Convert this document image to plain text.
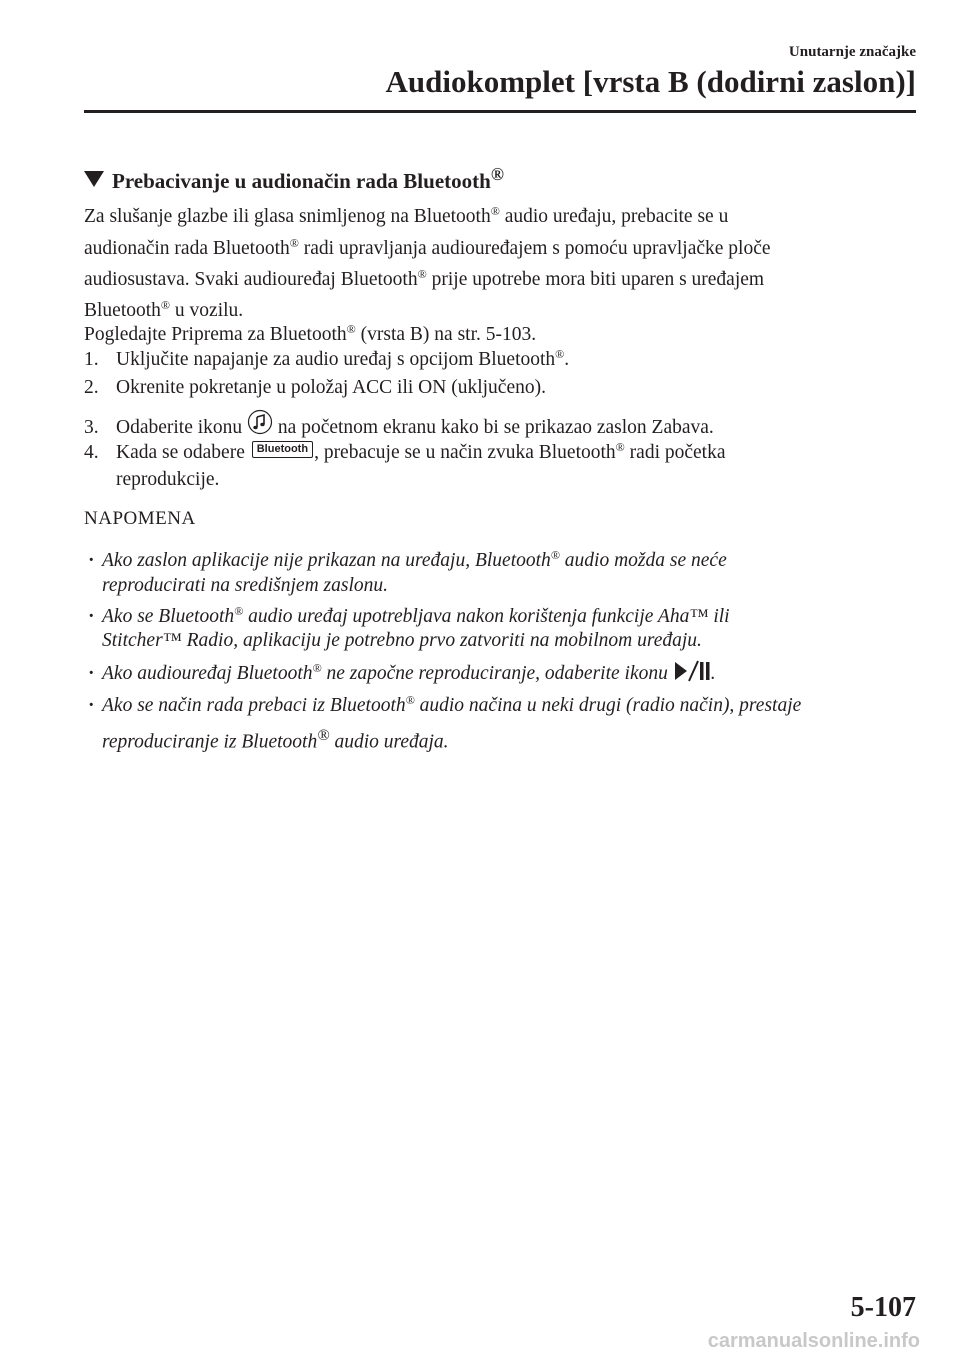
Unutarnje značajke
Audiokomplet [vrsta B (dodirni zaslon)]
Prebacivanje u audionačin rada Bluetooth®
Za slušanje glazbe ili glasa snimljenog na Bluetooth® audio uređaju, prebacite se u
audionačin rada Bluetooth® radi upravljanja audiouređajem s pomoću upravljačke ploče
audiosustava. Svaki audiouređaj Bluetooth® prije upotrebe mora biti uparen s uređajem
Bluetooth® u vozilu.
Pogledajte Priprema za Bluetooth® (vrsta B) na str. 5-103.
1. Uključite napajanje za audio uređaj s opcijom Bluetooth®.
2. Okrenite pokretanje u položaj ACC ili ON (uključeno).
3. Odaberite ikonu  na početnom ekranu kako bi se prikazao zaslon Zabava.
4. Kada se odabere Bluetooth , prebacuje se u način zvuka Bluetooth® radi početka
reprodukcije.
NAPOMENA
· Ako zaslon aplikacije nije prikazan na uređaju, Bluetooth® audio možda se neće
reproducirati na središnjem zaslonu.
· Ako se Bluetooth® audio uređaj upotrebljava nakon korištenja funkcije Aha™ ili
Stitcher™ Radio, aplikaciju je potrebno prvo zatvoriti na mobilnom uređaju.
· Ako audiouređaj Bluetooth® ne započne reproduciranje, odaberite ikonu .
· Ako se način rada prebaci iz Bluetooth® audio načina u neki drugi (radio način), prestaje
reproduciranje iz Bluetooth® audio uređaja.
5-107
carmanualsonline.info
